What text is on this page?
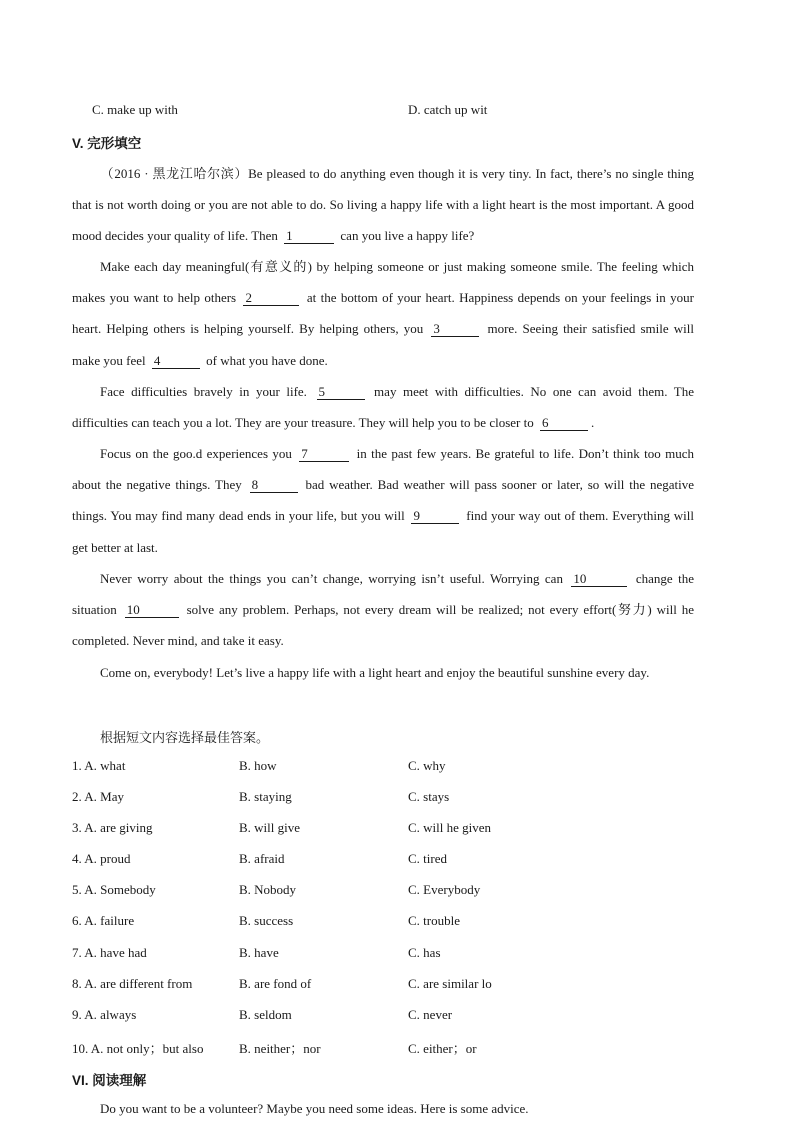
C. make up with	D. catch up wit
V. 完形填空
（2016 · 黑龙江哈尔滨）Be pleased to do anything even though it is very tiny. In fact, there’s no single thing that is not worth doing or you are not able to do. So living a happy life with a light heart is the most important. A good mood decides your quality of life. Then 1	can you live a happy life?
Make each day meaningful(有意义的) by helping someone or just making someone smile. The feeling which makes you want to help others 2	at the bottom of your heart. Happiness depends on your feelings in your heart. Helping others is helping yourself. By helping others, you 3	more. Seeing their satisfied smile will make you feel 4	of what you have done.
Face difficulties bravely in your life. 5	may meet with difficulties. No one can avoid them. The difficulties can teach you a lot. They are your treasure. They will help you to be closer to 6	.
Focus on the goo.d experiences you 7	in the past few years. Be grateful to life. Don’t think too much about the negative things. They 8	bad weather. Bad weather will pass sooner or later, so will the negative things. You may find many dead ends in your life, but you will 9	find your way out of them. Everything will get better at last.
Never worry about the things you can’t change, worrying isn’t useful. Worrying can 10	change the situation 10	solve any problem. Perhaps, not every dream will be realized; not every effort(努力) will he completed. Never mind, and take it easy.
Come on, everybody! Let’s live a happy life with a light heart and enjoy the beautiful sunshine every day.
根据短文内容选择最佳答案。
1. A. what	B. how	C. why
2. A. May	B. staying	C. stays
3. A. are giving	B. will give	C. will he given
4. A. proud	B. afraid	C. tired
5. A. Somebody	B. Nobody	C. Everybody
6. A. failure	B. success	C. trouble
7. A. have had	B. have	C. has
8. A. are different from	B. are fond of	C. are similar lo
9. A. always	B. seldom	C. never
10. A. not only；but also	B. neither；nor	C. either；or
VI. 阅读理解
Do you want to be a volunteer? Maybe you need some ideas. Here is some advice.
